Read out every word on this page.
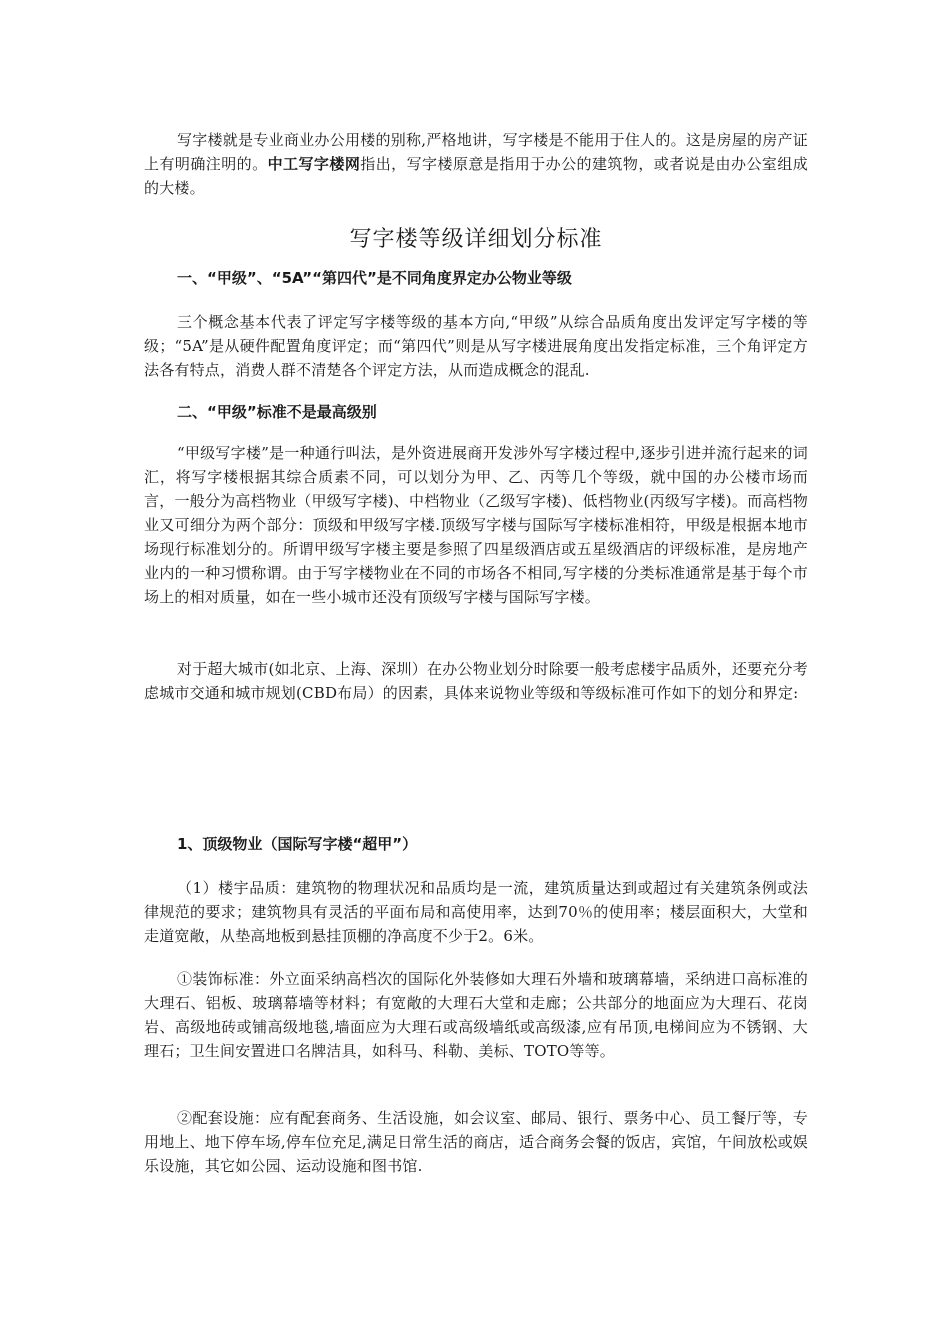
写字楼就是专业商业办公用楼的别称,严格地讲，写字楼是不能用于住人的。这是房屋的房产证上有明确注明的。中工写字楼网指出，写字楼原意是指用于办公的建筑物，或者说是由办公室组成的大楼。

写字楼等级详细划分标准
一、“甲级”、“5A”“第四代”是不同角度界定办公物业等级

三个概念基本代表了评定写字楼等级的基本方向,“甲级”从综合品质角度出发评定写字楼的等级；“5A”是从硬件配置角度评定；而“第四代”则是从写字楼进展角度出发指定标准，三个角评定方法各有特点，消费人群不清楚各个评定方法，从而造成概念的混乱.

二、“甲级”标准不是最高级别

“甲级写字楼”是一种通行叫法，是外资进展商开发涉外写字楼过程中,逐步引进并流行起来的词汇，将写字楼根据其综合质素不同，可以划分为甲、乙、丙等几个等级，就中国的办公楼市场而言，一般分为高档物业（甲级写字楼)、中档物业（乙级写字楼)、低档物业(丙级写字楼)。而高档物业又可细分为两个部分：顶级和甲级写字楼.顶级写字楼与国际写字楼标准相符，甲级是根据本地市场现行标准划分的。所谓甲级写字楼主要是参照了四星级酒店或五星级酒店的评级标准，是房地产业内的一种习惯称谓。由于写字楼物业在不同的市场各不相同,写字楼的分类标准通常是基于每个市场上的相对质量，如在一些小城市还没有顶级写字楼与国际写字楼。

对于超大城市(如北京、上海、深圳）在办公物业划分时除要一般考虑楼宇品质外，还要充分考虑城市交通和城市规划(CBD布局）的因素，具体来说物业等级和等级标准可作如下的划分和界定:

1、顶级物业（国际写字楼“超甲”）

（1）楼宇品质：建筑物的物理状况和品质均是一流，建筑质量达到或超过有关建筑条例或法律规范的要求；建筑物具有灵活的平面布局和高使用率，达到70％的使用率；楼层面积大，大堂和走道宽敞，从垫高地板到悬挂顶棚的净高度不少于2。6米。

①装饰标准：外立面采纳高档次的国际化外装修如大理石外墙和玻璃幕墙，采纳进口高标准的大理石、铝板、玻璃幕墙等材料；有宽敞的大理石大堂和走廊；公共部分的地面应为大理石、花岗岩、高级地砖或铺高级地毯,墙面应为大理石或高级墙纸或高级漆,应有吊顶,电梯间应为不锈钢、大理石；卫生间安置进口名牌洁具，如科马、科勒、美标、TOTO等等。

②配套设施：应有配套商务、生活设施，如会议室、邮局、银行、票务中心、员工餐厅等，专用地上、地下停车场,停车位充足,满足日常生活的商店，适合商务会餐的饭店，宾馆，午间放松或娱乐设施，其它如公园、运动设施和图书馆.
